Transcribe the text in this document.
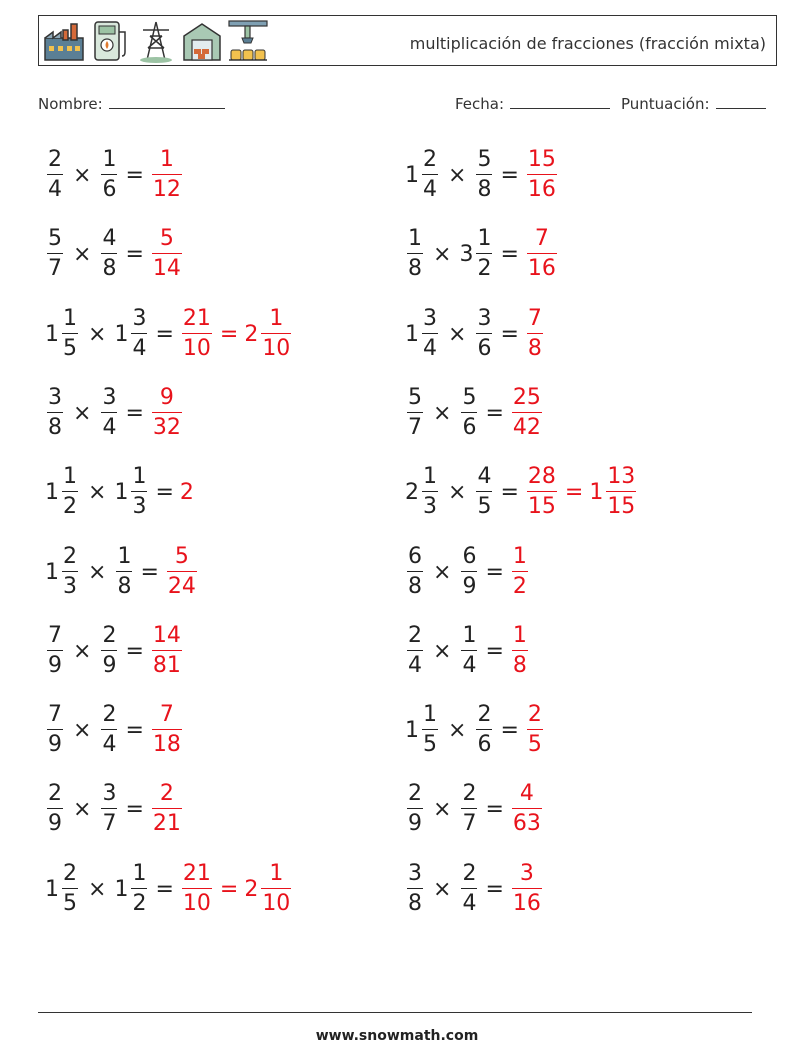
multiplicación de fracciones (fracción mixta)
Nombre:	Fecha:	Puntuación:
$\frac{2}{4} \times \frac{1}{6} = \frac{1}{12}$	$1 \frac{2}{4} \times \frac{5}{8} = \frac{15}{16}$
$\frac{5}{7} \times \frac{4}{8} = \frac{5}{14}$	$\frac{1}{8} \times 3 \frac{1}{2} = \frac{7}{16}$
$1 \frac{1}{5} \times 1 \frac{3}{4} = \frac{21}{10} = 2 \frac{1}{10}$	$1 \frac{3}{4} \times \frac{3}{6} = \frac{7}{8}$
$\frac{3}{8} \times \frac{3}{4} = \frac{9}{32}$	$\frac{5}{7} \times \frac{5}{6} = \frac{25}{42}$
$1 \frac{1}{2} \times 1 \frac{1}{3} = 2$	$2 \frac{1}{3} \times \frac{4}{5} = \frac{28}{15} = 1 \frac{13}{15}$
$1 \frac{2}{3} \times \frac{1}{8} = \frac{5}{24}$	$\frac{6}{8} \times \frac{6}{9} = \frac{1}{2}$
$\frac{7}{9} \times \frac{2}{9} = \frac{14}{81}$	$\frac{2}{4} \times \frac{1}{4} = \frac{1}{8}$
$\frac{7}{9} \times \frac{2}{4} = \frac{7}{18}$	$1 \frac{1}{5} \times \frac{2}{6} = \frac{2}{5}$
$\frac{2}{9} \times \frac{3}{7} = \frac{2}{21}$	$\frac{2}{9} \times \frac{2}{7} = \frac{4}{63}$
$1 \frac{2}{5} \times 1 \frac{1}{2} = \frac{21}{10} = 2 \frac{1}{10}$	$\frac{3}{8} \times \frac{2}{4} = \frac{3}{16}$
www.snowmath.com
